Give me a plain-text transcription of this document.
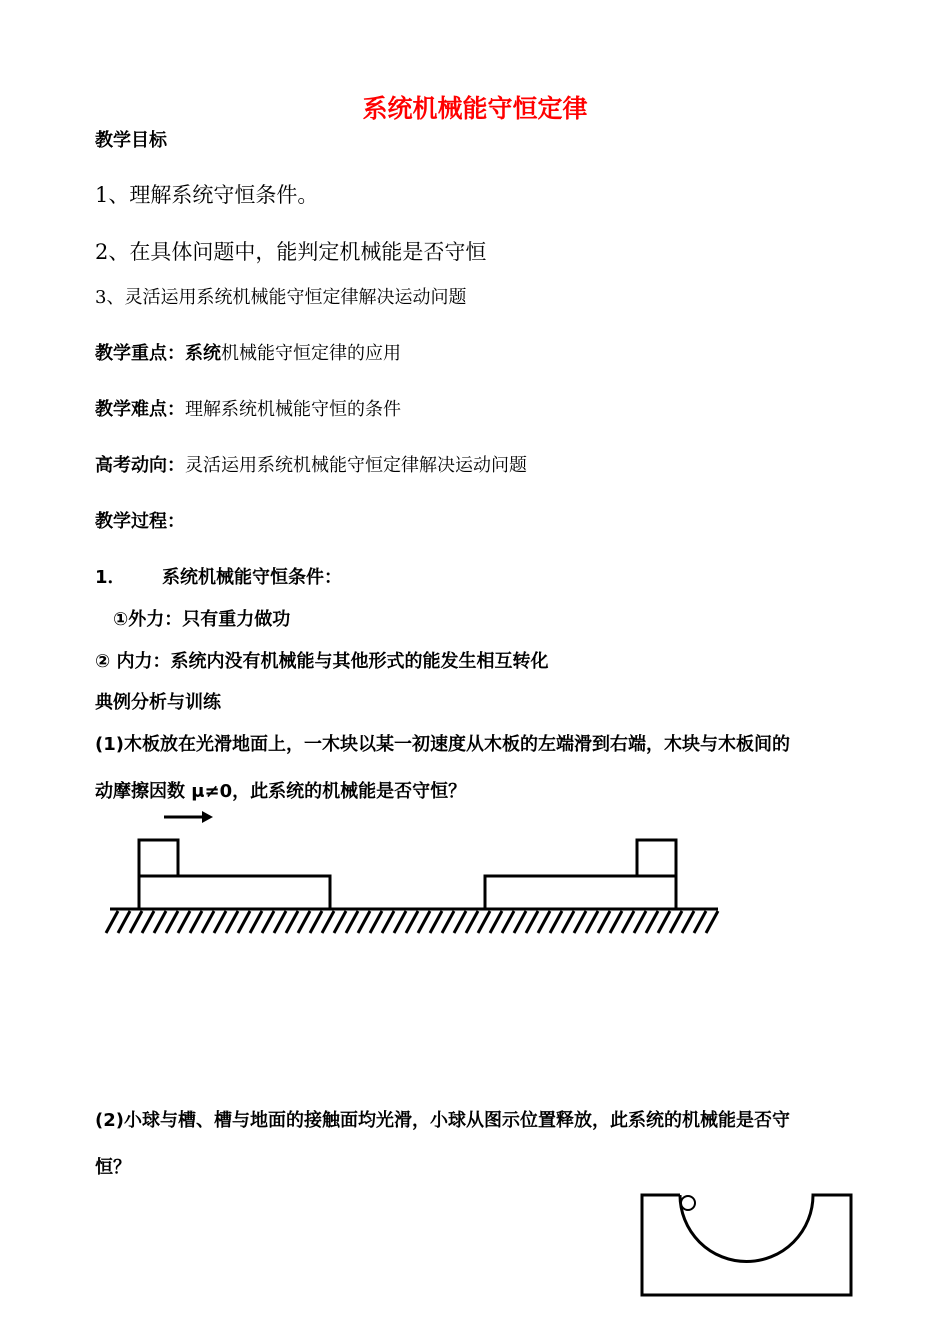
系统机械能守恒定律
教学目标
1、理解系统守恒条件。
2、在具体问题中，能判定机械能是否守恒
3、灵活运用系统机械能守恒定律解决运动问题
教学重点：系统机械能守恒定律的应用
教学难点：理解系统机械能守恒的条件
高考动向：灵活运用系统机械能守恒定律解决运动问题
教学过程：
1． 系统机械能守恒条件：
①外力：只有重力做功
② 内力：系统内没有机械能与其他形式的能发生相互转化
典例分析与训练
(1)木板放在光滑地面上，一木块以某一初速度从木板的左端滑到右端，木块与木板间的
动摩擦因数 μ≠0，此系统的机械能是否守恒？
(2)小球与槽、槽与地面的接触面均光滑，小球从图示位置释放，此系统的机械能是否守
恒？
